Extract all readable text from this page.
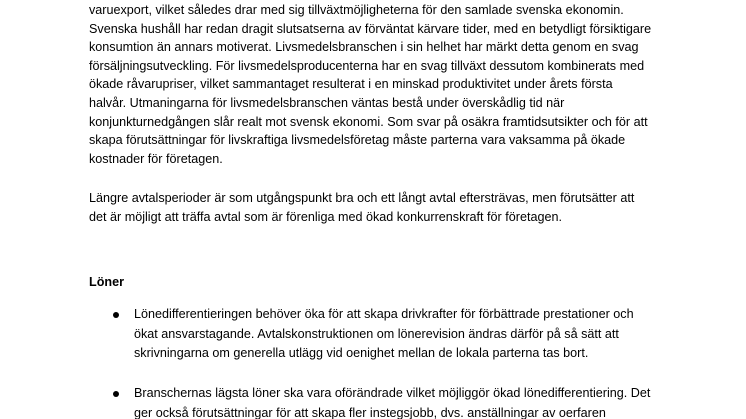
varuexport, vilket således drar med sig tillväxtmöjligheterna för den samlade svenska ekonomin.
Svenska hushåll har redan dragit slutsatserna av förväntat kärvare tider, med en betydligt försiktigare
konsumtion än annars motiverat. Livsmedelsbranschen i sin helhet har märkt detta genom en svag
försäljningsutveckling. För livsmedelsproducenterna har en svag tillväxt dessutom kombinerats med
ökade råvarupriser, vilket sammantaget resulterat i en minskad produktivitet under årets första
halvår. Utmaningarna för livsmedelsbranschen väntas bestå under överskådlig tid när
konjunkturnedgången slår realt mot svensk ekonomi. Som svar på osäkra framtidsutsikter och för att
skapa förutsättningar för livskraftiga livsmedelsföretag måste parterna vara vaksamma på ökade
kostnader för företagen.
Längre avtalsperioder är som utgångspunkt bra och ett långt avtal eftersträvas, men förutsätter att
det är möjligt att träffa avtal som är förenliga med ökad konkurrenskraft för företagen.
Löner
Lönedifferentieringen behöver öka för att skapa drivkrafter för förbättrade prestationer och
ökat ansvarstagande. Avtalskonstruktionen om lönerevision ändras därför på så sätt att
skrivningarna om generella utlägg vid oenighet mellan de lokala parterna tas bort.
Branschernas lägsta löner ska vara oförändrade vilket möjliggör ökad lönedifferentiering. Det
ger också förutsättningar för att skapa fler instegsjobb, dvs. anställningar av oerfaren
